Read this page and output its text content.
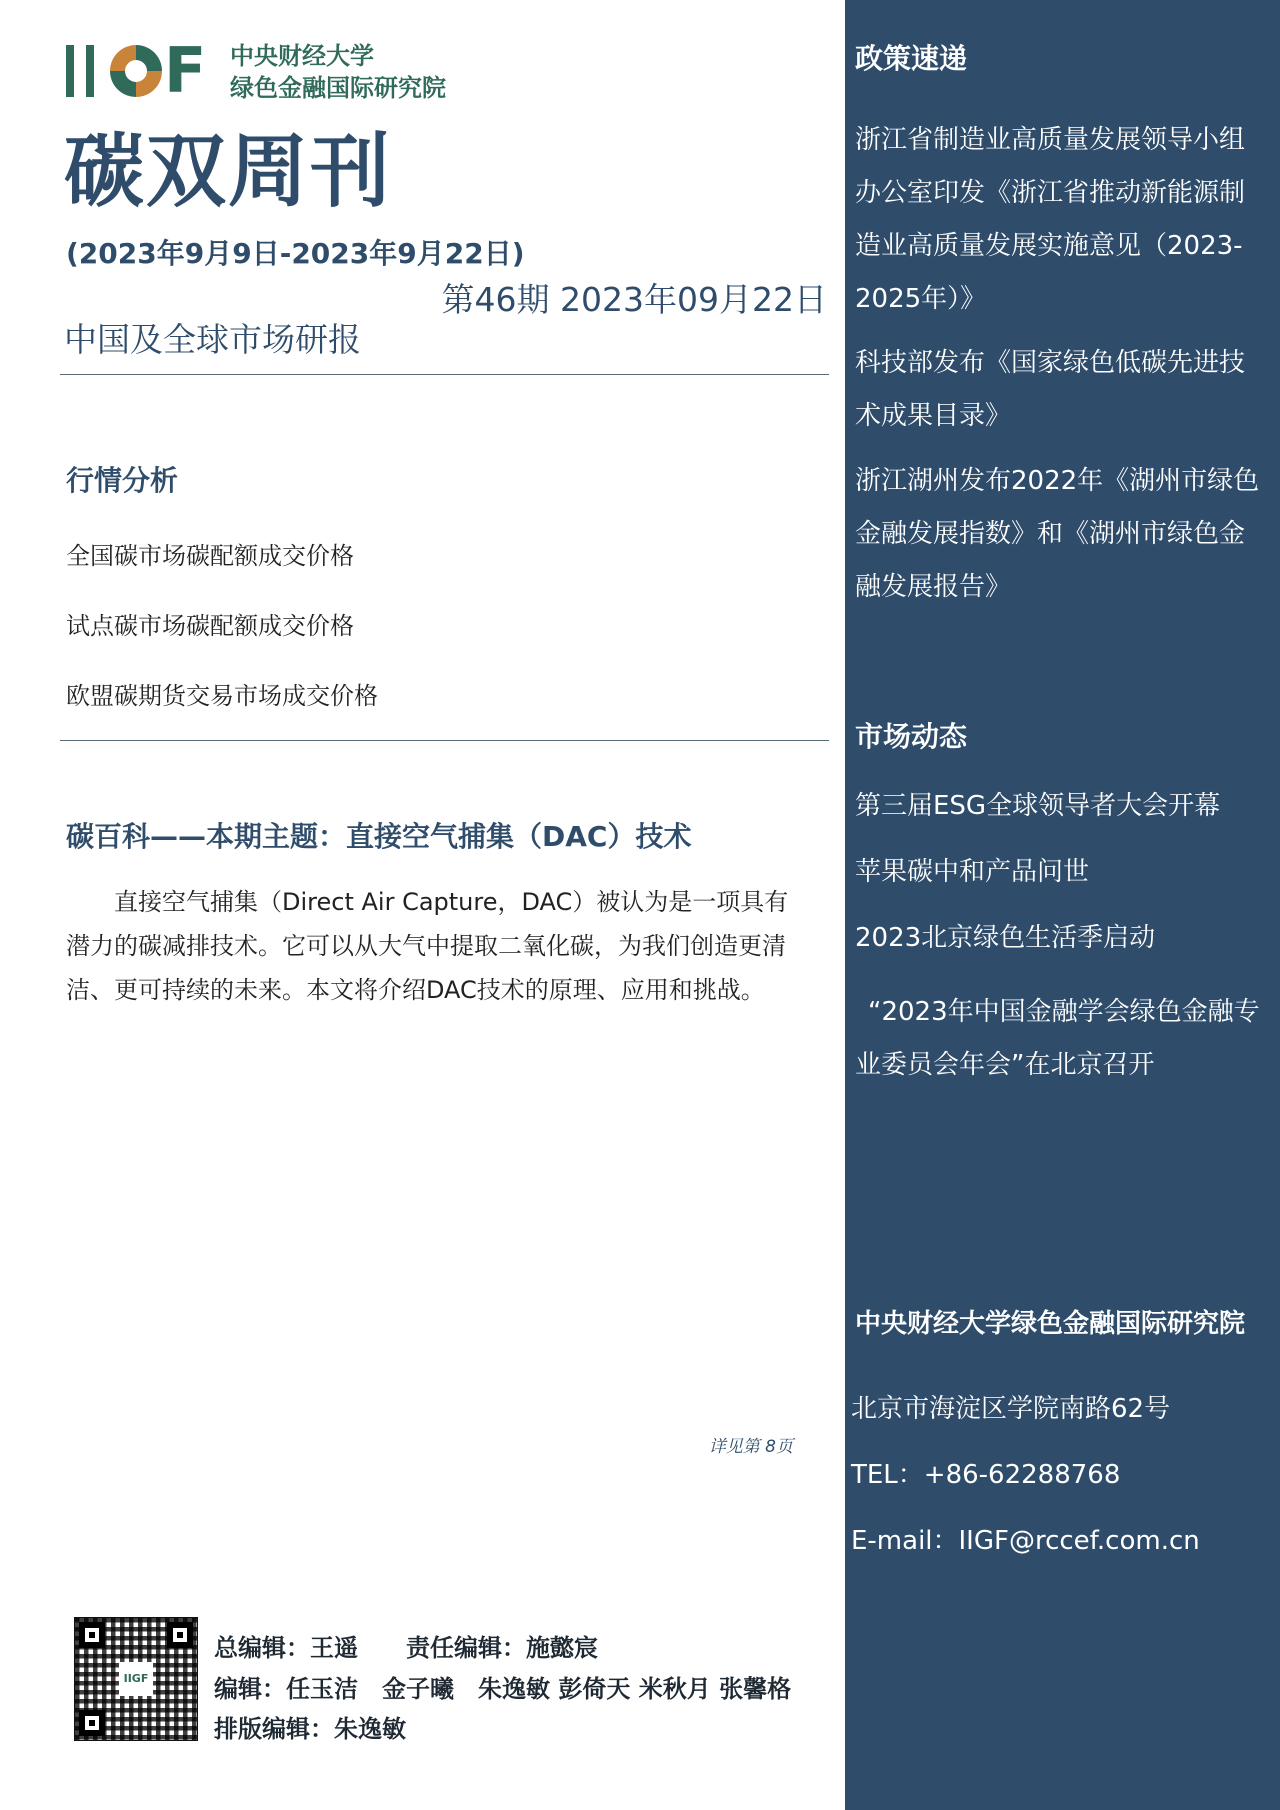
F 中央财经大学
绿色金融国际研究院
碳双周刊
(2023年9月9日-2023年9月22日)
第46期 2023年09月22日
中国及全球市场研报
行情分析
全国碳市场碳配额成交价格
试点碳市场碳配额成交价格
欧盟碳期货交易市场成交价格
碳百科——本期主题：直接空气捕集（DAC）技术

直接空气捕集（Direct Air Capture，DAC）被认为是一项具有潜力的碳减排技术。它可以从大气中提取二氧化碳，为我们创造更清洁、更可持续的未来。本文将介绍DAC技术的原理、应用和挑战。

详见第 8页
IIGF
总编辑：王遥　　责任编辑：施懿宸
编辑：任玉洁　金子曦　朱逸敏 彭倚天 米秋月 张馨格
排版编辑：朱逸敏
政策速递

浙江省制造业高质量发展领导小组办公室印发《浙江省推动新能源制造业高质量发展实施意见（2023-2025年）》

科技部发布《国家绿色低碳先进技术成果目录》

浙江湖州发布2022年《湖州市绿色金融发展指数》和《湖州市绿色金融发展报告》

市场动态
第三届ESG全球领导者大会开幕
苹果碳中和产品问世
2023北京绿色生活季启动

“2023年中国金融学会绿色金融专业委员会年会”在北京召开

中央财经大学绿色金融国际研究院
北京市海淀区学院南路62号
TEL：+86-62288768
E-mail：IIGF@rccef.com.cn
